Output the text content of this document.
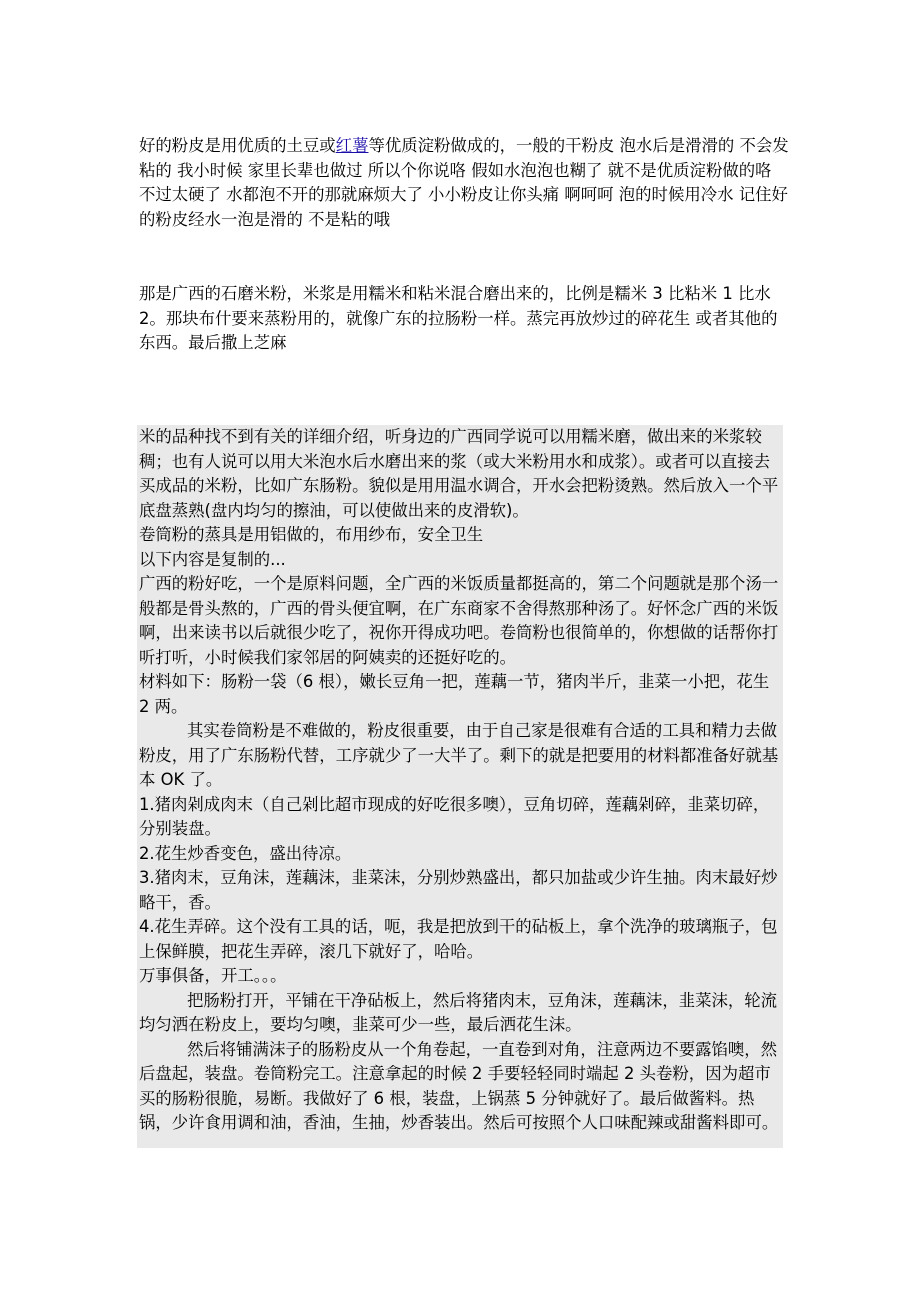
好的粉皮是用优质的土豆或红薯等优质淀粉做成的，一般的干粉皮 泡水后是滑滑的 不会发粘的 我小时候 家里长辈也做过 所以个你说咯 假如水泡泡也糊了 就不是优质淀粉做的咯 不过太硬了 水都泡不开的那就麻烦大了 小小粉皮让你头痛 啊呵呵 泡的时候用冷水 记住好的粉皮经水一泡是滑的 不是粘的哦

那是广西的石磨米粉，米浆是用糯米和粘米混合磨出来的，比例是糯米 3 比粘米 1 比水 2。那块布什要来蒸粉用的，就像广东的拉肠粉一样。蒸完再放炒过的碎花生 或者其他的东西。最后撒上芝麻

米的品种找不到有关的详细介绍，听身边的广西同学说可以用糯米磨，做出来的米浆较稠；也有人说可以用大米泡水后水磨出来的浆（或大米粉用水和成浆）。或者可以直接去买成品的米粉，比如广东肠粉。貌似是用用温水调合，开水会把粉烫熟。然后放入一个平底盘蒸熟(盘内均匀的擦油，可以使做出来的皮滑软)。

卷筒粉的蒸具是用铝做的，布用纱布，安全卫生

以下内容是复制的...

广西的粉好吃，一个是原料问题，全广西的米饭质量都挺高的，第二个问题就是那个汤一般都是骨头熬的，广西的骨头便宜啊，在广东商家不舍得熬那种汤了。好怀念广西的米饭啊，出来读书以后就很少吃了，祝你开得成功吧。卷筒粉也很简单的，你想做的话帮你打听打听，小时候我们家邻居的阿姨卖的还挺好吃的。

材料如下：肠粉一袋（6 根），嫩长豆角一把，莲藕一节，猪肉半斤，韭菜一小把，花生 2 两。

其实卷筒粉是不难做的，粉皮很重要，由于自己家是很难有合适的工具和精力去做粉皮，用了广东肠粉代替，工序就少了一大半了。剩下的就是把要用的材料都准备好就基本 OK 了。

1.猪肉剁成肉末（自己剁比超市现成的好吃很多噢），豆角切碎，莲藕剁碎，韭菜切碎，分别装盘。

2.花生炒香变色，盛出待凉。

3.猪肉末，豆角沫，莲藕沫，韭菜沫，分别炒熟盛出，都只加盐或少许生抽。肉末最好炒略干，香。

4.花生弄碎。这个没有工具的话，呃，我是把放到干的砧板上，拿个洗净的玻璃瓶子，包上保鲜膜，把花生弄碎，滚几下就好了，哈哈。

万事俱备，开工。。。

把肠粉打开，平铺在干净砧板上，然后将猪肉末，豆角沫，莲藕沫，韭菜沫，轮流均匀洒在粉皮上，要均匀噢，韭菜可少一些，最后洒花生沫。

然后将铺满沫子的肠粉皮从一个角卷起，一直卷到对角，注意两边不要露馅噢，然后盘起，装盘。卷筒粉完工。注意拿起的时候 2 手要轻轻同时端起 2 头卷粉，因为超市买的肠粉很脆，易断。我做好了 6 根，装盘，上锅蒸 5 分钟就好了。最后做酱料。热锅，少许食用调和油，香油，生抽，炒香装出。然后可按照个人口味配辣或甜酱料即可。
